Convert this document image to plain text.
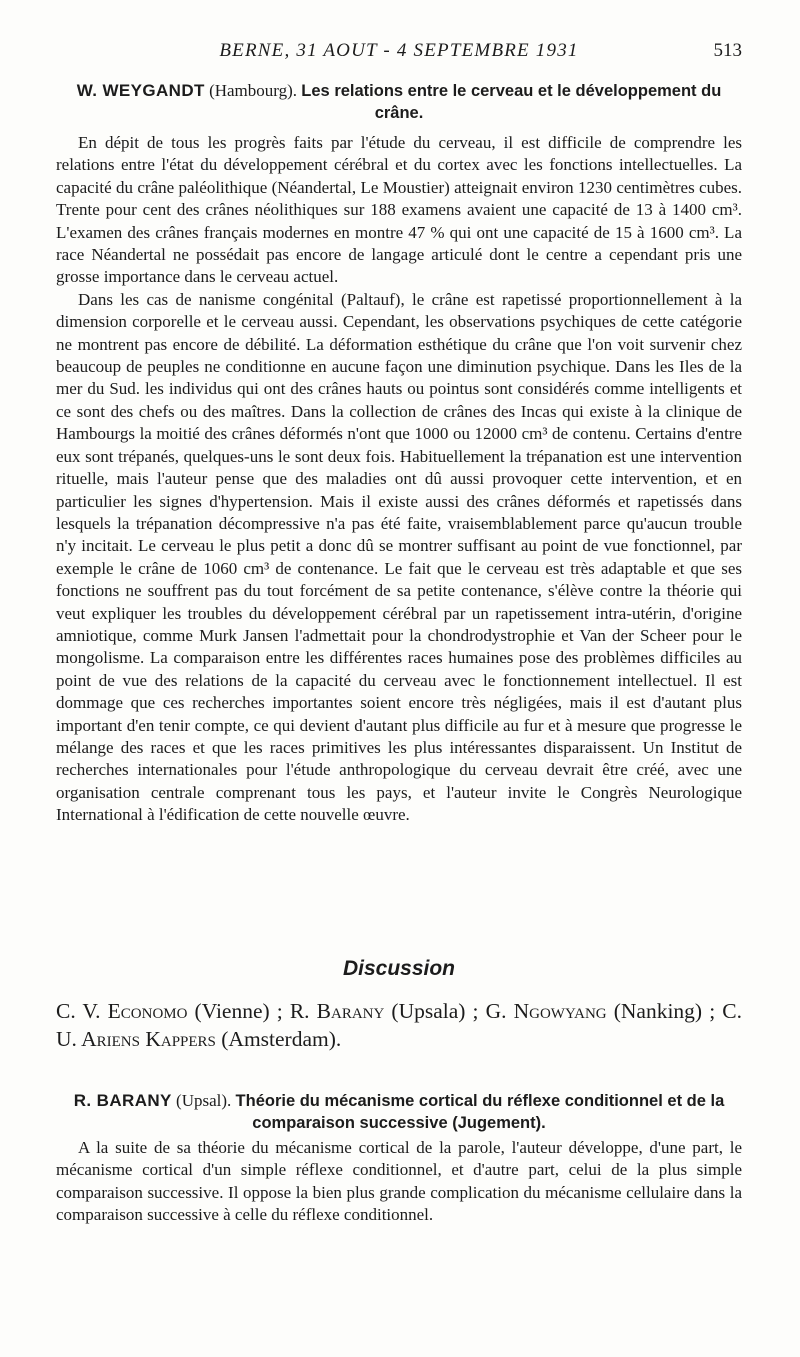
BERNE, 31 AOUT - 4 SEPTEMBRE 1931	513
W. WEYGANDT (Hambourg). Les relations entre le cerveau et le développement du crâne.

En dépit de tous les progrès faits par l'étude du cerveau, il est difficile de comprendre les relations entre l'état du développement cérébral et du cortex avec les fonctions intellectuelles. La capacité du crâne paléolithique (Néandertal, Le Moustier) atteignait environ 1230 centimètres cubes. Trente pour cent des crânes néolithiques sur 188 examens avaient une capacité de 13 à 1400 cm³. L'examen des crânes français modernes en montre 47 % qui ont une capacité de 15 à 1600 cm³. La race Néandertal ne possédait pas encore de langage articulé dont le centre a cependant pris une grosse importance dans le cerveau actuel.

Dans les cas de nanisme congénital (Paltauf), le crâne est rapetissé proportionnellement à la dimension corporelle et le cerveau aussi. Cependant, les observations psychiques de cette catégorie ne montrent pas encore de débilité. La déformation esthétique du crâne que l'on voit survenir chez beaucoup de peuples ne conditionne en aucune façon une diminution psychique. Dans les Iles de la mer du Sud. les individus qui ont des crânes hauts ou pointus sont considérés comme intelligents et ce sont des chefs ou des maîtres. Dans la collection de crânes des Incas qui existe à la clinique de Hambourgs la moitié des crânes déformés n'ont que 1000 ou 12000 cm³ de contenu. Certains d'entre eux sont trépanés, quelques-uns le sont deux fois. Habituellement la trépanation est une intervention rituelle, mais l'auteur pense que des maladies ont dû aussi provoquer cette intervention, et en particulier les signes d'hypertension. Mais il existe aussi des crânes déformés et rapetissés dans lesquels la trépanation décompressive n'a pas été faite, vraisemblablement parce qu'aucun trouble n'y incitait. Le cerveau le plus petit a donc dû se montrer suffisant au point de vue fonctionnel, par exemple le crâne de 1060 cm³ de contenance. Le fait que le cerveau est très adaptable et que ses fonctions ne souffrent pas du tout forcément de sa petite contenance, s'élève contre la théorie qui veut expliquer les troubles du développement cérébral par un rapetissement intra-utérin, d'origine amniotique, comme Murk Jansen l'admettait pour la chondrodystrophie et Van der Scheer pour le mongolisme. La comparaison entre les différentes races humaines pose des problèmes difficiles au point de vue des relations de la capacité du cerveau avec le fonctionnement intellectuel. Il est dommage que ces recherches importantes soient encore très négligées, mais il est d'autant plus important d'en tenir compte, ce qui devient d'autant plus difficile au fur et à mesure que progresse le mélange des races et que les races primitives les plus intéressantes disparaissent. Un Institut de recherches internationales pour l'étude anthropologique du cerveau devrait être créé, avec une organisation centrale comprenant tous les pays, et l'auteur invite le Congrès Neurologique International à l'édification de cette nouvelle œuvre.

Discussion
C. V. Economo (Vienne) ; R. Barany (Upsala) ; G. Ngowyang (Nanking) ; C. U. Ariens Kappers (Amsterdam).
R. BARANY (Upsal). Théorie du mécanisme cortical du réflexe conditionnel et de la comparaison successive (Jugement).

A la suite de sa théorie du mécanisme cortical de la parole, l'auteur développe, d'une part, le mécanisme cortical d'un simple réflexe conditionnel, et d'autre part, celui de la plus simple comparaison successive. Il oppose la bien plus grande complication du mécanisme cellulaire dans la comparaison successive à celle du réflexe conditionnel.
